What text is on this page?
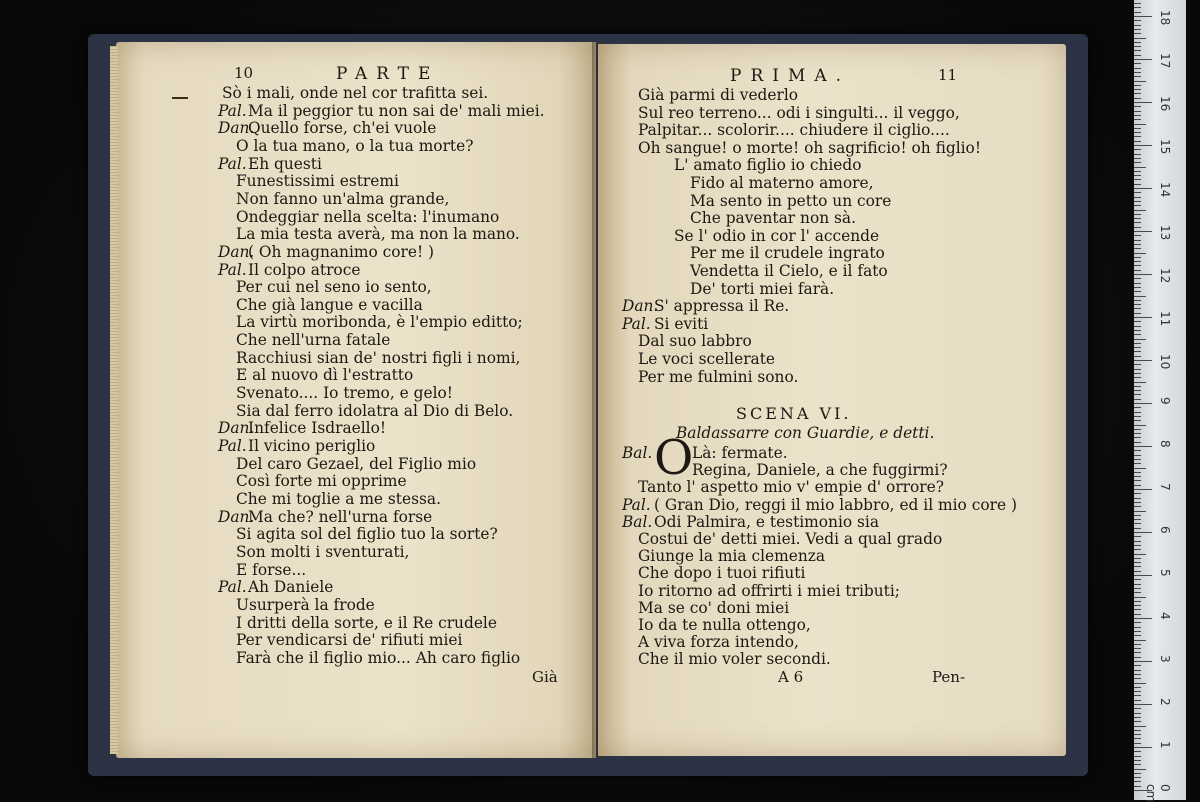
10	PARTE
Sò i mali, onde nel cor trafitta sei.
Pal. Ma il peggior tu non sai de' mali miei.
Dan.
Quello forse, ch'ei vuole
O la tua mano, o la tua morte?
Pal. Eh questi
Funestissimi estremi
Non fanno un'alma grande,
Ondeggiar nella scelta: l'inumano
La mia testa averà, ma non la mano.
Dan.
( Oh magnanimo core! )
Pal. Il colpo atroce
Per cui nel seno io sento,
Che già langue e vacilla
La virtù moribonda, è l'empio editto;
Che nell'urna fatale
Racchiusi sian de' nostri figli i nomi,
E al nuovo dì l'estratto
Svenato.... Io tremo, e gelo!
Sia dal ferro idolatra al Dio di Belo.
Dan.
Infelice Isdraello!
Pal. Il vicino periglio
Del caro Gezael, del Figlio mio
Così forte mi opprime
Che mi toglie a me stessa.
Dan.
Ma che? nell'urna forse
Si agita sol del figlio tuo la sorte?
Son molti i sventurati,
E forse...
Pal. Ah Daniele
Usurperà la frode
I dritti della sorte, e il Re crudele
Per vendicarsi de' rifiuti miei
Farà che il figlio mio... Ah caro figlio
Già
PRIMA.	11
Già parmi di vederlo
Sul reo terreno... odi i singulti... il veggo,
Palpitar... scolorir.... chiudere il ciglio....
Oh sangue! o morte! oh sagrificio! oh figlio!
L' amato figlio io chiedo
Fido al materno amore,
Ma sento in petto un core
Che paventar non sà.
Se l' odio in cor l' accende
Per me il crudele ingrato
Vendetta il Cielo, e il fato
De' torti miei farà.
Dan.
S' appressa il Re.
Pal. Si eviti
Dal suo labbro
Le voci scellerate
Per me fulmini sono.
SCENA VI.
Baldassarre con Guardie, e detti.
Bal. O
Là: fermate.
Regina, Daniele, a che fuggirmi?
Tanto l' aspetto mio v' empie d' orrore?
Pal. ( Gran Dio, reggi il mio labbro, ed il mio core )
Bal. Odi Palmira, e testimonio sia
Costui de' detti miei. Vedi a qual grado
Giunge la mia clemenza
Che dopo i tuoi rifiuti
Io ritorno ad offrirti i miei tributi;
Ma se co' doni miei
Io da te nulla ottengo,
A viva forza intendo,
Che il mio voler secondi.
A 6	Pen-
0 cm
1
2
3
4
5
6
7
8
9
10
11
12
13
14
15
16
17
18
